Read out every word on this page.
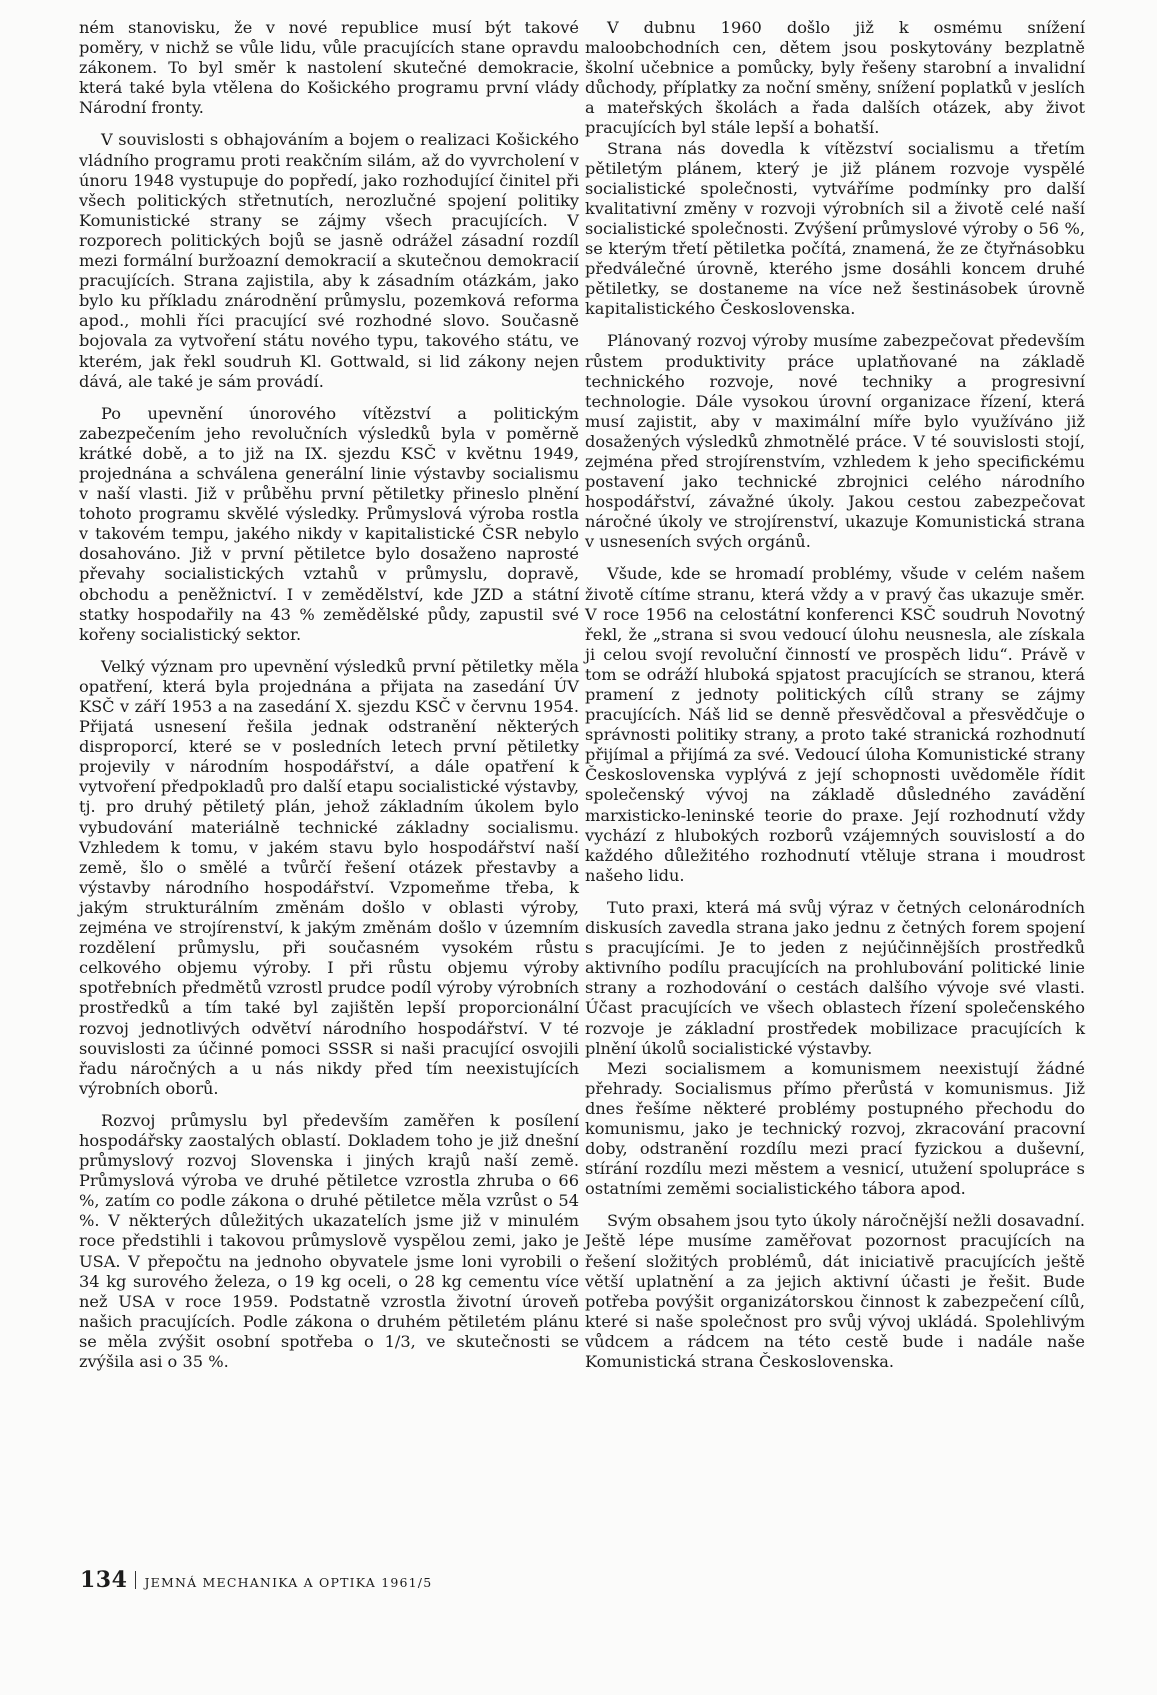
ném stanovisku, že v nové republice musí být takové poměry, v nichž se vůle lidu, vůle pracujících stane opravdu zákonem. To byl směr k nastolení skutečné demokracie, která také byla vtělena do Košického programu první vlády Národní fronty.

V souvislosti s obhajováním a bojem o realizaci Košického vládního programu proti reakčním silám, až do vyvrcholení v únoru 1948 vystupuje do popředí, jako rozhodující činitel při všech politických střetnutích, nerozlučné spojení politiky Komunistické strany se zájmy všech pracujících. V rozporech politických bojů se jasně odrážel zásadní rozdíl mezi formální buržoazní demokracií a skutečnou demokracií pracujících. Strana zajistila, aby k zásadním otázkám, jako bylo ku příkladu znárodnění průmyslu, pozemková reforma apod., mohli říci pracující své rozhodné slovo. Současně bojovala za vytvoření státu nového typu, takového státu, ve kterém, jak řekl soudruh Kl. Gottwald, si lid zákony nejen dává, ale také je sám provádí.

Po upevnění únorového vítězství a politickým zabezpečením jeho revolučních výsledků byla v poměrně krátké době, a to již na IX. sjezdu KSČ v květnu 1949, projednána a schválena generální linie výstavby socialismu v naší vlasti. Již v průběhu první pětiletky přineslo plnění tohoto programu skvělé výsledky. Průmyslová výroba rostla v takovém tempu, jakého nikdy v kapitalistické ČSR nebylo dosahováno. Již v první pětiletce bylo dosaženo naprosté převahy socialistických vztahů v průmyslu, dopravě, obchodu a peněžnictví. I v zemědělství, kde JZD a státní statky hospodařily na 43 % zemědělské půdy, zapustil své kořeny socialistický sektor.

Velký význam pro upevnění výsledků první pětiletky měla opatření, která byla projednána a přijata na zasedání ÚV KSČ v září 1953 a na zasedání X. sjezdu KSČ v červnu 1954. Přijatá usnesení řešila jednak odstranění některých disproporcí, které se v posledních letech první pětiletky projevily v národním hospodářství, a dále opatření k vytvoření předpokladů pro další etapu socialistické výstavby, tj. pro druhý pětiletý plán, jehož základním úkolem bylo vybudování materiálně technické základny socialismu. Vzhledem k tomu, v jakém stavu bylo hospodářství naší země, šlo o smělé a tvůrčí řešení otázek přestavby a výstavby národního hospodářství. Vzpomeňme třeba, k jakým strukturálním změnám došlo v oblasti výroby, zejména ve strojírenství, k jakým změnám došlo v územním rozdělení průmyslu, při současném vysokém růstu celkového objemu výroby. I při růstu objemu výroby spotřebních předmětů vzrostl prudce podíl výroby výrobních prostředků a tím také byl zajištěn lepší proporcionální rozvoj jednotlivých odvětví národního hospodářství. V té souvislosti za účinné pomoci SSSR si naši pracující osvojili řadu náročných a u nás nikdy před tím neexistujících výrobních oborů.

Rozvoj průmyslu byl především zaměřen k posílení hospodářsky zaostalých oblastí. Dokladem toho je již dnešní průmyslový rozvoj Slovenska i jiných krajů naší země. Průmyslová výroba ve druhé pětiletce vzrostla zhruba o 66 %, zatím co podle zákona o druhé pětiletce měla vzrůst o 54 %. V některých důležitých ukazatelích jsme již v minulém roce předstihli i takovou průmyslově vyspělou zemi, jako je USA. V přepočtu na jednoho obyvatele jsme loni vyrobili o 34 kg surového železa, o 19 kg oceli, o 28 kg cementu více než USA v roce 1959. Podstatně vzrostla životní úroveň našich pracujících. Podle zákona o druhém pětiletém plánu se měla zvýšit osobní spotřeba o 1/3, ve skutečnosti se zvýšila asi o 35 %.

V dubnu 1960 došlo již k osmému snížení maloobchodních cen, dětem jsou poskytovány bezplatně školní učebnice a pomůcky, byly řešeny starobní a invalidní důchody, příplatky za noční směny, snížení poplatků v jeslích a mateřských školách a řada dalších otázek, aby život pracujících byl stále lepší a bohatší.

Strana nás dovedla k vítězství socialismu a třetím pětiletým plánem, který je již plánem rozvoje vyspělé socialistické společnosti, vytváříme podmínky pro další kvalitativní změny v rozvoji výrobních sil a životě celé naší socialistické společnosti. Zvýšení průmyslové výroby o 56 %, se kterým třetí pětiletka počítá, znamená, že ze čtyřnásobku předválečné úrovně, kterého jsme dosáhli koncem druhé pětiletky, se dostaneme na více než šestinásobek úrovně kapitalistického Československa.

Plánovaný rozvoj výroby musíme zabezpečovat především růstem produktivity práce uplatňované na základě technického rozvoje, nové techniky a progresivní technologie. Dále vysokou úrovní organizace řízení, která musí zajistit, aby v maximální míře bylo využíváno již dosažených výsledků zhmotnělé práce. V té souvislosti stojí, zejména před strojírenstvím, vzhledem k jeho specifickému postavení jako technické zbrojnici celého národního hospodářství, závažné úkoly. Jakou cestou zabezpečovat náročné úkoly ve strojírenství, ukazuje Komunistická strana v usneseních svých orgánů.

Všude, kde se hromadí problémy, všude v celém našem životě cítíme stranu, která vždy a v pravý čas ukazuje směr. V roce 1956 na celostátní konferenci KSČ soudruh Novotný řekl, že „strana si svou vedoucí úlohu neusnesla, ale získala ji celou svojí revoluční činností ve prospěch lidu“. Právě v tom se odráží hluboká spjatost pracujících se stranou, která pramení z jednoty politických cílů strany se zájmy pracujících. Náš lid se denně přesvědčoval a přesvědčuje o správnosti politiky strany, a proto také stranická rozhodnutí přijímal a přijímá za své. Vedoucí úloha Komunistické strany Československa vyplývá z její schopnosti uvědoměle řídit společenský vývoj na základě důsledného zavádění marxisticko-leninské teorie do praxe. Její rozhodnutí vždy vychází z hlubokých rozborů vzájemných souvislostí a do každého důležitého rozhodnutí vtěluje strana i moudrost našeho lidu.

Tuto praxi, která má svůj výraz v četných celonárodních diskusích zavedla strana jako jednu z četných forem spojení s pracujícími. Je to jeden z nejúčinnějších prostředků aktivního podílu pracujících na prohlubování politické linie strany a rozhodování o cestách dalšího vývoje své vlasti. Účast pracujících ve všech oblastech řízení společenského rozvoje je základní prostředek mobilizace pracujících k plnění úkolů socialistické výstavby.

Mezi socialismem a komunismem neexistují žádné přehrady. Socialismus přímo přerůstá v komunismus. Již dnes řešíme některé problémy postupného přechodu do komunismu, jako je technický rozvoj, zkracování pracovní doby, odstranění rozdílu mezi prací fyzickou a duševní, stírání rozdílu mezi městem a vesnicí, utužení spolupráce s ostatními zeměmi socialistického tábora apod.

Svým obsahem jsou tyto úkoly náročnější nežli dosavadní. Ještě lépe musíme zaměřovat pozornost pracujících na řešení složitých problémů, dát iniciativě pracujících ještě větší uplatnění a za jejich aktivní účasti je řešit. Bude potřeba povýšit organizátorskou činnost k zabezpečení cílů, které si naše společnost pro svůj vývoj ukládá. Spolehlivým vůdcem a rádcem na této cestě bude i nadále naše Komunistická strana Československa.

134 JEMNÁ MECHANIKA A OPTIKA 1961/5
